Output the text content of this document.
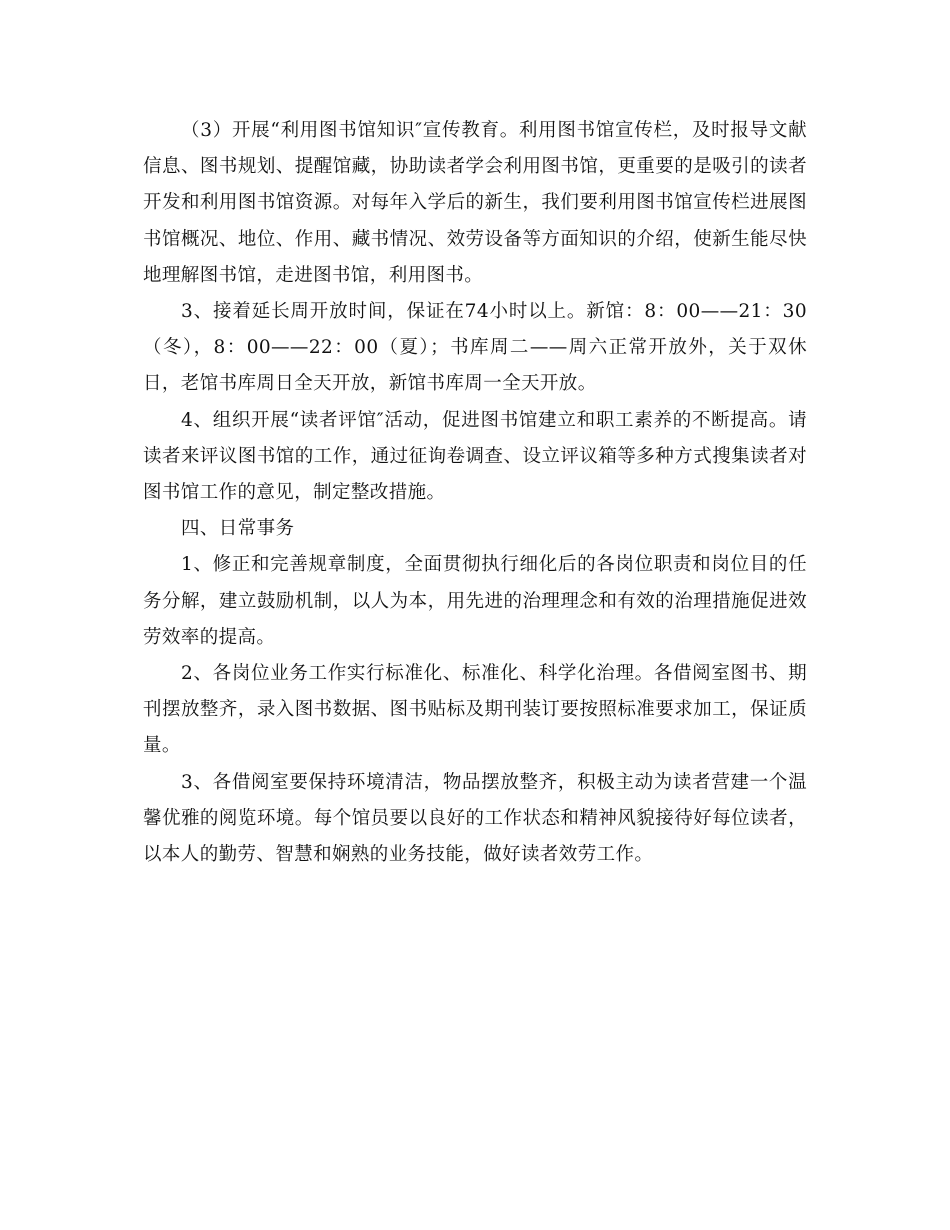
（3）开展“利用图书馆知识″宣传教育。利用图书馆宣传栏，及时报导文献信息、图书规划、提醒馆藏，协助读者学会利用图书馆，更重要的是吸引的读者开发和利用图书馆资源。对每年入学后的新生，我们要利用图书馆宣传栏进展图书馆概况、地位、作用、藏书情况、效劳设备等方面知识的介绍，使新生能尽快地理解图书馆，走进图书馆，利用图书。

3、接着延长周开放时间，保证在74小时以上。新馆：8：00——21：30（冬），8：00——22：00（夏）；书库周二——周六正常开放外，关于双休日，老馆书库周日全天开放，新馆书库周一全天开放。

4、组织开展“读者评馆″活动，促进图书馆建立和职工素养的不断提高。请读者来评议图书馆的工作，通过征询卷调查、设立评议箱等多种方式搜集读者对图书馆工作的意见，制定整改措施。

四、日常事务

1、修正和完善规章制度，全面贯彻执行细化后的各岗位职责和岗位目的任务分解，建立鼓励机制，以人为本，用先进的治理理念和有效的治理措施促进效劳效率的提高。

2、各岗位业务工作实行标准化、标准化、科学化治理。各借阅室图书、期刊摆放整齐，录入图书数据、图书贴标及期刊装订要按照标准要求加工，保证质量。

3、各借阅室要保持环境清洁，物品摆放整齐，积极主动为读者营建一个温馨优雅的阅览环境。每个馆员要以良好的工作状态和精神风貌接待好每位读者，以本人的勤劳、智慧和娴熟的业务技能，做好读者效劳工作。
